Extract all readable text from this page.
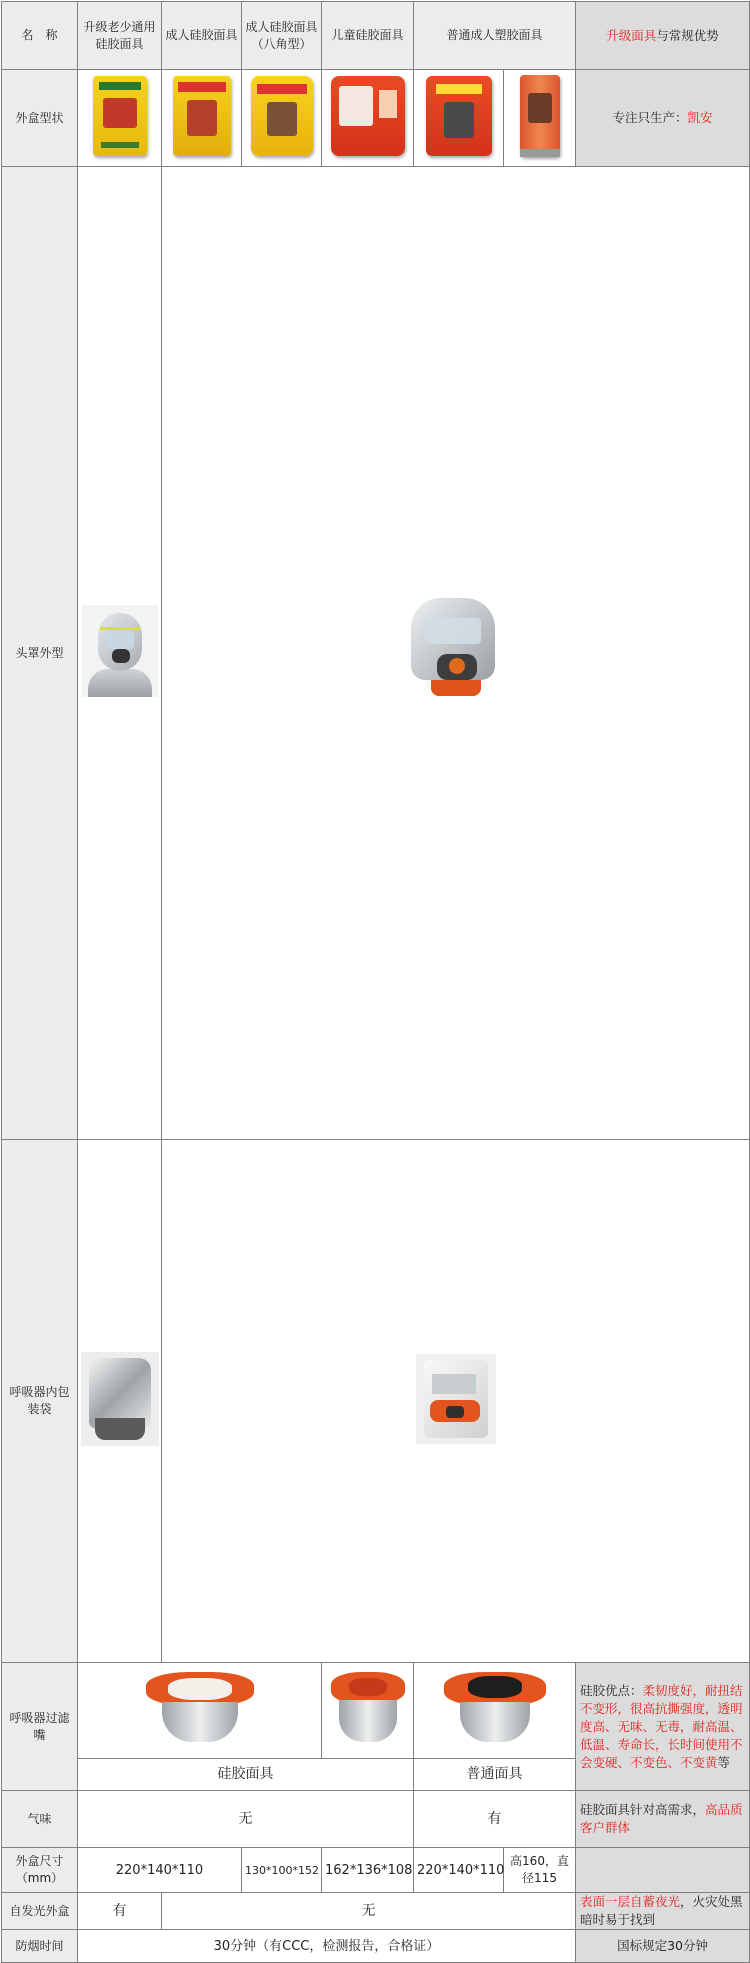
名　称	升级老少通用硅胶面具	成人硅胶面具	成人硅胶面具（八角型）	儿童硅胶面具	普通成人塑胶面具		升级面具与常规优势	
外盒型状							专注只生产：凯安	
头罩外型	

呼吸器内包装袋	

呼吸器过滤嘴							硅胶优点：柔韧度好，耐扭结不变形，很高抗撕强度，透明度高、无味、无毒，耐高温、低温、寿命长，长时间使用不会变硬、不变色、不变黄等	
	硅胶面具				普通面具			
气味	无				有		硅胶面具针对高需求，高品质客户群体	
外盒尺寸（mm）	220*140*110		130*100*152	162*136*108	220*140*110	高160，直径115		
自发光外盒	有	无					表面一层自蓄夜光，火灾处黑暗时易于找到	
防烟时间	30分钟（有CCC，检测报告，合格证）						国标规定30分钟	
